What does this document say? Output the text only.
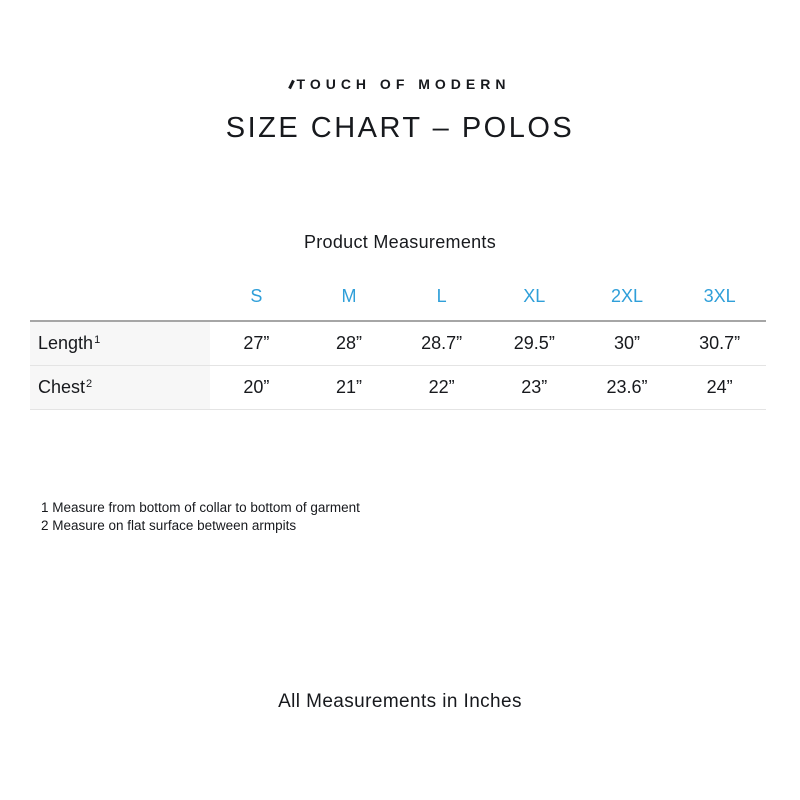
TOUCH OF MODERN
SIZE CHART – POLOS
Product Measurements
	S	M	L	XL	2XL	3XL
Length$^1$	27”	28”	28.7”	29.5”	30”	30.7”
Chest$^2$	20”	21”	22”	23”	23.6”	24”
1 Measure from bottom of collar to bottom of garment
2 Measure on flat surface between armpits
All Measurements in Inches
